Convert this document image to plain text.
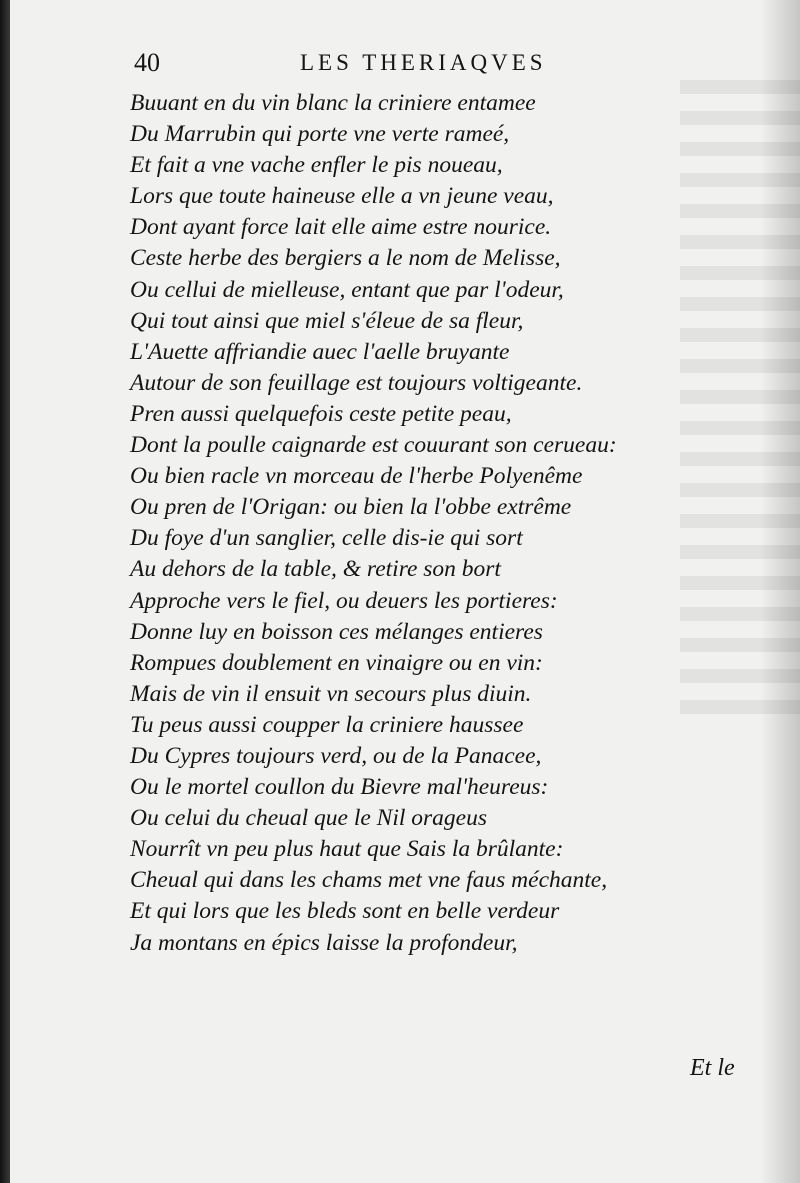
40	LES THERIAQVES
Buuant en du vin blanc la criniere entamee
Du Marrubin qui porte vne verte rameé,
Et fait a vne vache enfler le pis noueau,
Lors que toute haineuse elle a vn jeune veau,
Dont ayant force lait elle aime estre nourice.
Ceste herbe des bergiers a le nom de Melisse,
Ou cellui de mielleuse, entant que par l'odeur,
Qui tout ainsi que miel s'éleue de sa fleur,
L'Auette affriandie auec l'aelle bruyante
Autour de son feuillage est toujours voltigeante.
Pren aussi quelquefois ceste petite peau,
Dont la poulle caignarde est couurant son cerueau:
Ou bien racle vn morceau de l'herbe Polyenême
Ou pren de l'Origan: ou bien la l'obbe extrême
Du foye d'un sanglier, celle dis-ie qui sort
Au dehors de la table, & retire son bort
Approche vers le fiel, ou deuers les portieres:
Donne luy en boisson ces mélanges entieres
Rompues doublement en vinaigre ou en vin:
Mais de vin il ensuit vn secours plus diuin.
Tu peus aussi coupper la criniere haussee
Du Cypres toujours verd, ou de la Panacee,
Ou le mortel coullon du Bievre mal'heureus:
Ou celui du cheual que le Nil orageus
Nourrît vn peu plus haut que Sais la brûlante:
Cheual qui dans les chams met vne faus méchante,
Et qui lors que les bleds sont en belle verdeur
Ja montans en épics laisse la profondeur,
Et le
